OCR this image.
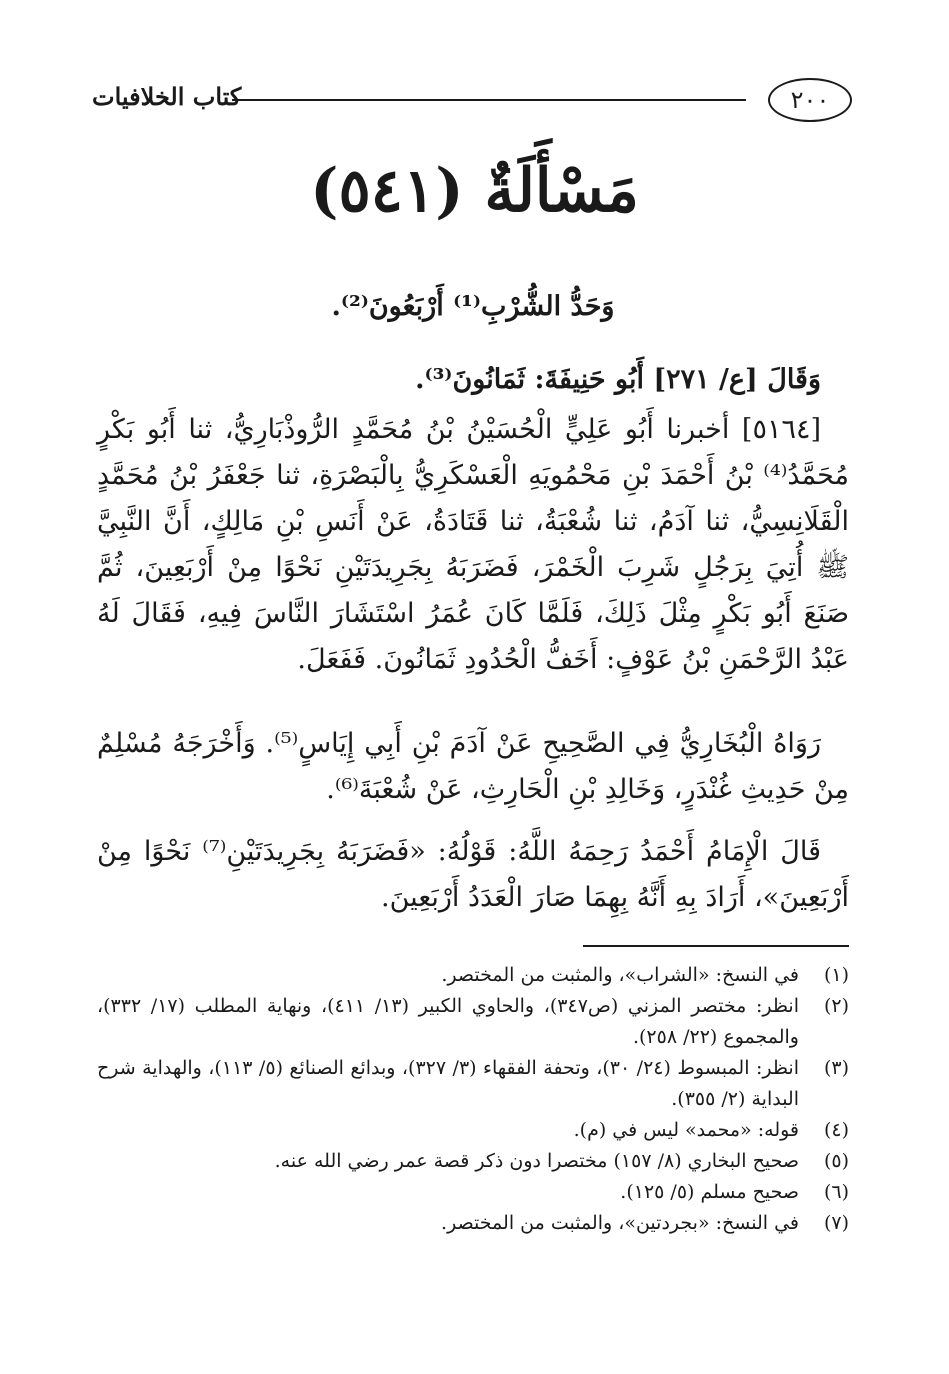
٢٠٠
كتاب الخلافيات
مَسْأَلَةٌ (٥٤١)

وَحَدُّ الشُّرْبِ⁽¹⁾ أَرْبَعُونَ⁽²⁾.

وَقَالَ [ع/ ٢٧١] أَبُو حَنِيفَةَ: ثَمَانُونَ⁽³⁾.

[٥١٦٤] أخبرنا أَبُو عَلِيٍّ الْحُسَيْنُ بْنُ مُحَمَّدٍ الرُّوذْبَارِيُّ، ثنا أَبُو بَكْرٍ مُحَمَّدُ⁽⁴⁾ بْنُ أَحْمَدَ بْنِ مَحْمُويَهِ الْعَسْكَرِيُّ بِالْبَصْرَةِ، ثنا جَعْفَرُ بْنُ مُحَمَّدٍ الْقَلَانِسِيُّ، ثنا آدَمُ، ثنا شُعْبَةُ، ثنا قَتَادَةُ، عَنْ أَنَسِ بْنِ مَالِكٍ، أَنَّ النَّبِيَّ ﷺ أُتِيَ بِرَجُلٍ شَرِبَ الْخَمْرَ، فَضَرَبَهُ بِجَرِيدَتَيْنِ نَحْوًا مِنْ أَرْبَعِينَ، ثُمَّ صَنَعَ أَبُو بَكْرٍ مِثْلَ ذَلِكَ، فَلَمَّا كَانَ عُمَرُ اسْتَشَارَ النَّاسَ فِيهِ، فَقَالَ لَهُ عَبْدُ الرَّحْمَنِ بْنُ عَوْفٍ: أَخَفُّ الْحُدُودِ ثَمَانُونَ. فَفَعَلَ.

رَوَاهُ الْبُخَارِيُّ فِي الصَّحِيحِ عَنْ آدَمَ بْنِ أَبِي إِيَاسٍ⁽⁵⁾. وَأَخْرَجَهُ مُسْلِمٌ مِنْ حَدِيثِ غُنْدَرٍ، وَخَالِدِ بْنِ الْحَارِثِ، عَنْ شُعْبَةَ⁽⁶⁾.

قَالَ الْإِمَامُ أَحْمَدُ رَحِمَهُ اللَّهُ: قَوْلُهُ: «فَضَرَبَهُ بِجَرِيدَتَيْنِ⁽⁷⁾ نَحْوًا مِنْ أَرْبَعِينَ»، أَرَادَ بِهِ أَنَّهُ بِهِمَا صَارَ الْعَدَدُ أَرْبَعِينَ.

(١)
في النسخ: «الشراب»، والمثبت من المختصر.
(٢)
انظر: مختصر المزني (ص٣٤٧)، والحاوي الكبير (١٣/ ٤١١)، ونهاية المطلب (١٧/ ٣٣٢)، والمجموع (٢٢/ ٢٥٨).
(٣)
انظر: المبسوط (٢٤/ ٣٠)، وتحفة الفقهاء (٣/ ٣٢٧)، وبدائع الصنائع (٥/ ١١٣)، والهداية شرح البداية (٢/ ٣٥٥).
(٤)
قوله: «محمد» ليس في (م).
(٥)
صحيح البخاري (٨/ ١٥٧) مختصرا دون ذكر قصة عمر رضي الله عنه.
(٦)
صحيح مسلم (٥/ ١٢٥).
(٧)
في النسخ: «بجردتين»، والمثبت من المختصر.
